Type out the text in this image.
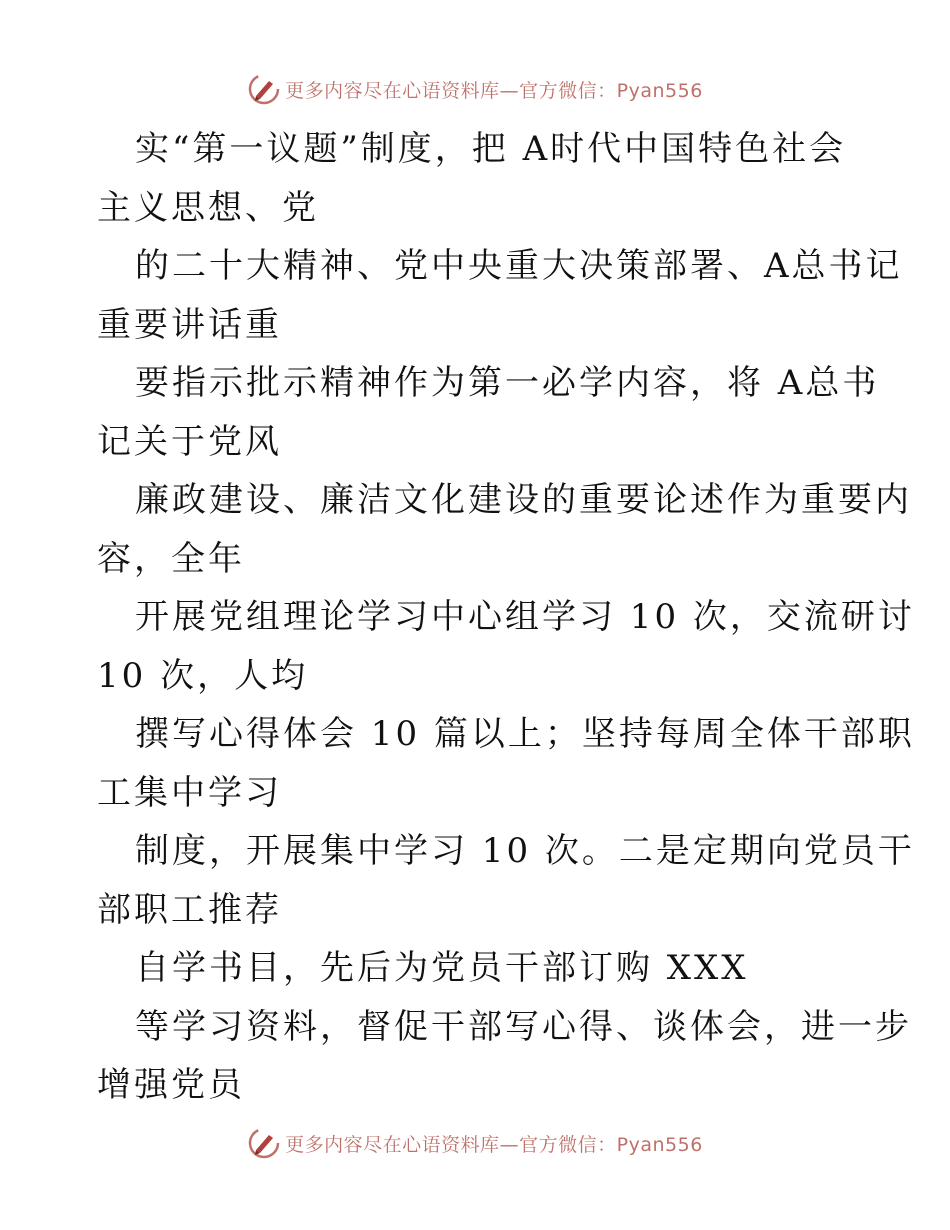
更多内容尽在心语资料库—官方微信：Pyan556
实“第一议题”制度，把 A时代中国特色社会
主义思想、党
的二十大精神、党中央重大决策部署、A总书记
重要讲话重
要指示批示精神作为第一必学内容，将 A总书
记关于党风
廉政建设、廉洁文化建设的重要论述作为重要内
容，全年
开展党组理论学习中心组学习 10 次，交流研讨
10 次，人均
撰写心得体会 10 篇以上；坚持每周全体干部职
工集中学习
制度，开展集中学习 10 次。二是定期向党员干
部职工推荐
自学书目，先后为党员干部订购 XXX
等学习资料，督促干部写心得、谈体会，进一步
增强党员
更多内容尽在心语资料库—官方微信：Pyan556
